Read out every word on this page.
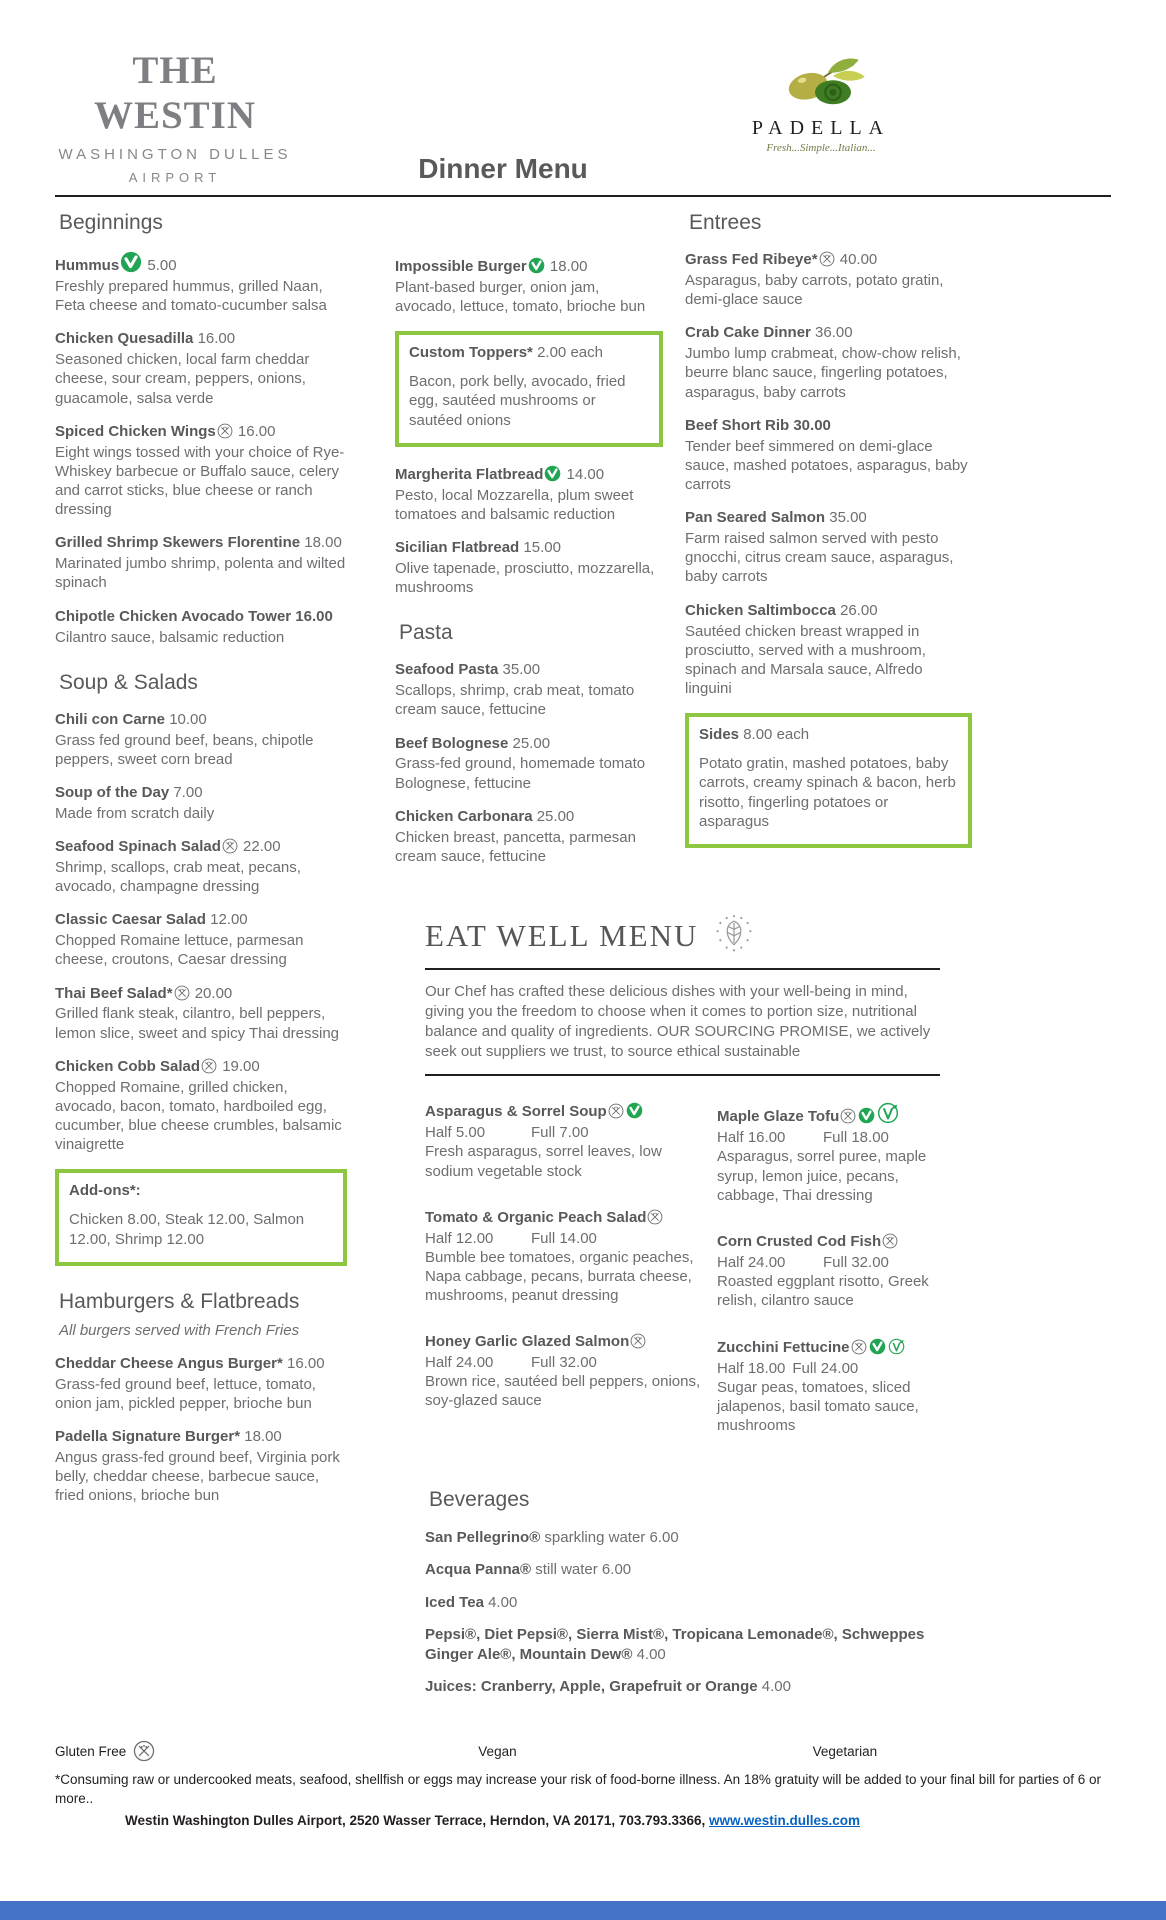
THE WESTIN
WASHINGTON DULLES
AIRPORT	Dinner Menu
PADELLA
Fresh...Simple...Italian...
Beginnings

Hummus 5.00

Freshly prepared hummus, grilled Naan, Feta cheese and tomato-cucumber salsa

Chicken Quesadilla 16.00

Seasoned chicken, local farm cheddar cheese, sour cream, peppers, onions, guacamole, salsa verde

Spiced Chicken Wings 16.00

Eight wings tossed with your choice of Rye-Whiskey barbecue or Buffalo sauce, celery and carrot sticks, blue cheese or ranch dressing

Grilled Shrimp Skewers Florentine 18.00

Marinated jumbo shrimp, polenta and wilted spinach

Chipotle Chicken Avocado Tower 16.00

Cilantro sauce, balsamic reduction

Soup & Salads

Chili con Carne 10.00

Grass fed ground beef, beans, chipotle peppers, sweet corn bread

Soup of the Day 7.00

Made from scratch daily

Seafood Spinach Salad 22.00

Shrimp, scallops, crab meat, pecans, avocado, champagne dressing

Classic Caesar Salad 12.00

Chopped Romaine lettuce, parmesan cheese, croutons, Caesar dressing

Thai Beef Salad* 20.00

Grilled flank steak, cilantro, bell peppers, lemon slice, sweet and spicy Thai dressing

Chicken Cobb Salad 19.00

Chopped Romaine, grilled chicken, avocado, bacon, tomato, hardboiled egg, cucumber, blue cheese crumbles, balsamic vinaigrette

Add-ons*:

Chicken 8.00, Steak 12.00, Salmon 12.00, Shrimp 12.00

Hamburgers & Flatbreads

All burgers served with French Fries

Cheddar Cheese Angus Burger* 16.00

Grass-fed ground beef, lettuce, tomato, onion jam, pickled pepper, brioche bun

Padella Signature Burger* 18.00

Angus grass-fed ground beef, Virginia pork belly, cheddar cheese, barbecue sauce, fried onions, brioche bun

Impossible Burger 18.00

Plant-based burger, onion jam, avocado, lettuce, tomato, brioche bun

Custom Toppers* 2.00 each

Bacon, pork belly, avocado, fried egg, sautéed mushrooms or sautéed onions

Margherita Flatbread 14.00

Pesto, local Mozzarella, plum sweet tomatoes and balsamic reduction

Sicilian Flatbread 15.00

Olive tapenade, prosciutto, mozzarella, mushrooms

Pasta

Seafood Pasta 35.00

Scallops, shrimp, crab meat, tomato cream sauce, fettucine

Beef Bolognese 25.00

Grass-fed ground, homemade tomato Bolognese, fettucine

Chicken Carbonara 25.00

Chicken breast, pancetta, parmesan cream sauce, fettucine

Entrees

Grass Fed Ribeye* 40.00

Asparagus, baby carrots, potato gratin, demi-glace sauce

Crab Cake Dinner 36.00

Jumbo lump crabmeat, chow-chow relish, beurre blanc sauce, fingerling potatoes, asparagus, baby carrots

Beef Short Rib 30.00

Tender beef simmered on demi-glace sauce, mashed potatoes, asparagus, baby carrots

Pan Seared Salmon 35.00

Farm raised salmon served with pesto gnocchi, citrus cream sauce, asparagus, baby carrots

Chicken Saltimbocca 26.00

Sautéed chicken breast wrapped in prosciutto, served with a mushroom, spinach and Marsala sauce, Alfredo linguini

Sides 8.00 each

Potato gratin, mashed potatoes, baby carrots, creamy spinach & bacon, herb risotto, fingerling potatoes or asparagus

EAT WELL MENU

Our Chef has crafted these delicious dishes with your well-being in mind, giving you the freedom to choose when it comes to portion size, nutritional balance and quality of ingredients. OUR SOURCING PROMISE, we actively seek out suppliers we trust, to source ethical sustainable

Asparagus & Sorrel Soup

Half 5.00	Full 7.00

Fresh asparagus, sorrel leaves, low sodium vegetable stock

Tomato & Organic Peach Salad

Half 12.00	Full 14.00

Bumble bee tomatoes, organic peaches, Napa cabbage, pecans, burrata cheese, mushrooms, peanut dressing

Honey Garlic Glazed Salmon

Half 24.00	Full 32.00

Brown rice, sautéed bell peppers, onions, soy-glazed sauce

Maple Glaze Tofu

Half 16.00	Full 18.00

Asparagus, sorrel puree, maple syrup, lemon juice, pecans, cabbage, Thai dressing

Corn Crusted Cod Fish

Half 24.00	Full 32.00

Roasted eggplant risotto, Greek relish, cilantro sauce

Zucchini Fettucine

Half 18.00 Full 24.00

Sugar peas, tomatoes, sliced jalapenos, basil tomato sauce, mushrooms

Beverages

San Pellegrino® sparkling water 6.00

Acqua Panna® still water 6.00

Iced Tea 4.00

Pepsi®, Diet Pepsi®, Sierra Mist®, Tropicana Lemonade®, Schweppes Ginger Ale®, Mountain Dew® 4.00

Juices: Cranberry, Apple, Grapefruit or Orange 4.00

Gluten Free	Vegan	Vegetarian

*Consuming raw or undercooked meats, seafood, shellfish or eggs may increase your risk of food-borne illness. An 18% gratuity will be added to your final bill for parties of 6 or more..

Westin Washington Dulles Airport, 2520 Wasser Terrace, Herndon, VA 20171, 703.793.3366, www.westin.dulles.com
